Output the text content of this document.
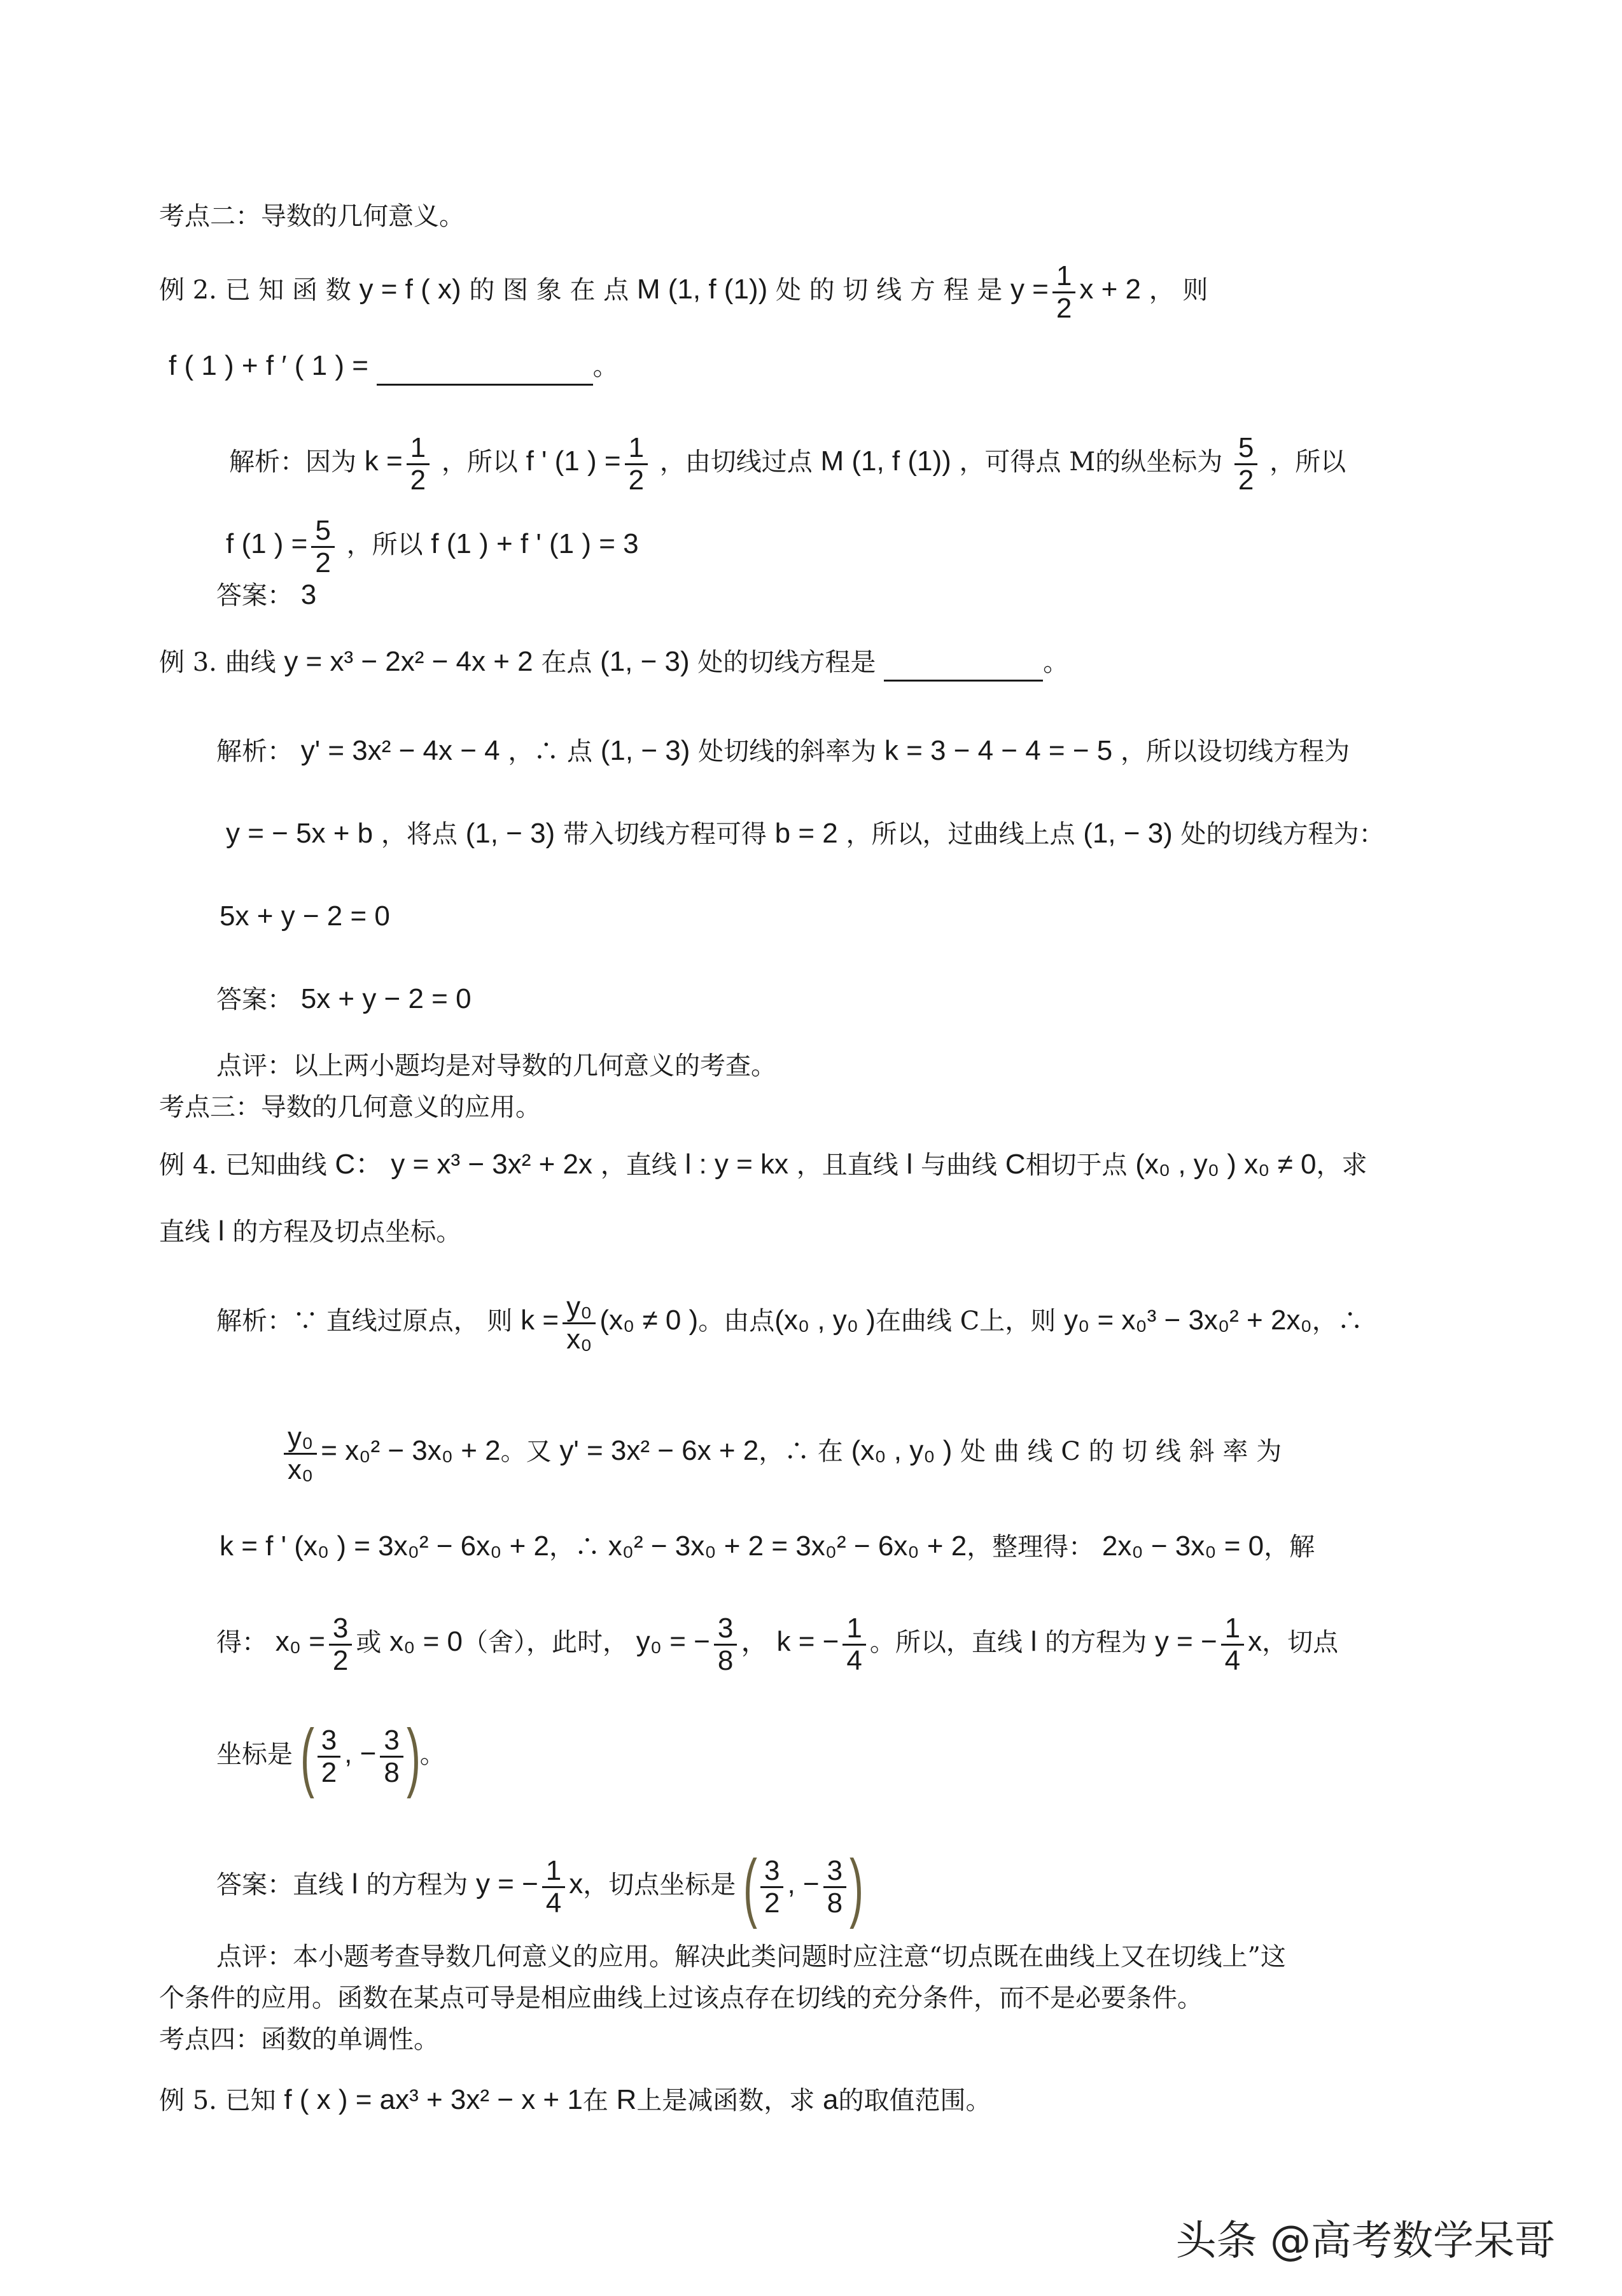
考点二：导数的几何意义。
例 2. 已 知 函 数 y = f ( x) 的 图 象 在 点 M (1, f (1)) 处 的 切 线 方 程 是 $y = \frac{1}{2}$ x + 2 ， 则
f ( 1 ) + f ′ ( 1 ) =	。
解析：因为 $k = \frac{1}{2}$ ，所以 f ' (1 ) = $\frac{1}{2}$ ，由切线过点 M (1, f (1)) ，可得点 M的纵坐标为 $\frac{5}{2}$ ，所以
f (1 ) = $\frac{5}{2}$ ，所以 f (1 ) + f ' (1 ) = 3
答案： 3
例 3. 曲线 y = x³ − 2x² − 4x + 2 在点 (1, − 3) 处的切线方程是	。
解析： y' = 3x² − 4x − 4 ，∴ 点 (1, − 3) 处切线的斜率为 k = 3 − 4 − 4 = − 5 ，所以设切线方程为
y = − 5x + b ，将点 (1, − 3) 带入切线方程可得 b = 2 ，所以，过曲线上点 (1, − 3) 处的切线方程为：
5x + y − 2 = 0
答案： 5x + y − 2 = 0
点评：以上两小题均是对导数的几何意义的考查。
考点三：导数的几何意义的应用。
例 4. 已知曲线 C： y = x³ − 3x² + 2x ，直线 l : y = kx ，且直线 l 与曲线 C相切于点 (x₀ , y₀ ) x₀ ≠ 0，求
直线 l 的方程及切点坐标。
解析：∵ 直线过原点， 则 $k = \frac{\text{y₀}}{\text{x₀}} (x_0 \ne 0$ )。由点(x₀ , y₀ )在曲线 C上，则 y₀ = x₀³ − 3x₀² + 2x₀，∴
$\frac{\text{y₀}}{\text{x₀}} = x_0^2 - 3x_0 + 2$。又 y' = 3x² − 6x + 2，∴ 在 (x₀ , y₀ ) 处 曲 线 C 的 切 线 斜 率 为
k = f ' (x₀ ) = 3x₀² − 6x₀ + 2，∴ x₀² − 3x₀ + 2 = 3x₀² − 6x₀ + 2，整理得： 2x₀ − 3x₀ = 0，解
得： $x_0 = \frac{3}{2}$ 或 x₀ = 0（舍），此时， y₀ = − $\frac{3}{8}$ ， k = − $\frac{1}{4}$ 。所以，直线 l 的方程为 y = − $\frac{1}{4}$ x，切点
坐标是 ( $\frac{3}{2}$ , − $\frac{3}{8}$ )。
答案：直线 l 的方程为 y = − $\frac{1}{4}$ x，切点坐标是 ( $\frac{3}{2}$ , − $\frac{3}{8}$ )
点评：本小题考查导数几何意义的应用。解决此类问题时应注意“切点既在曲线上又在切线上”这
个条件的应用。函数在某点可导是相应曲线上过该点存在切线的充分条件，而不是必要条件。
考点四：函数的单调性。
例 5. 已知 f ( x ) = ax³ + 3x² − x + 1在 R上是减函数，求 a的取值范围。
头条 @高考数学呆哥
